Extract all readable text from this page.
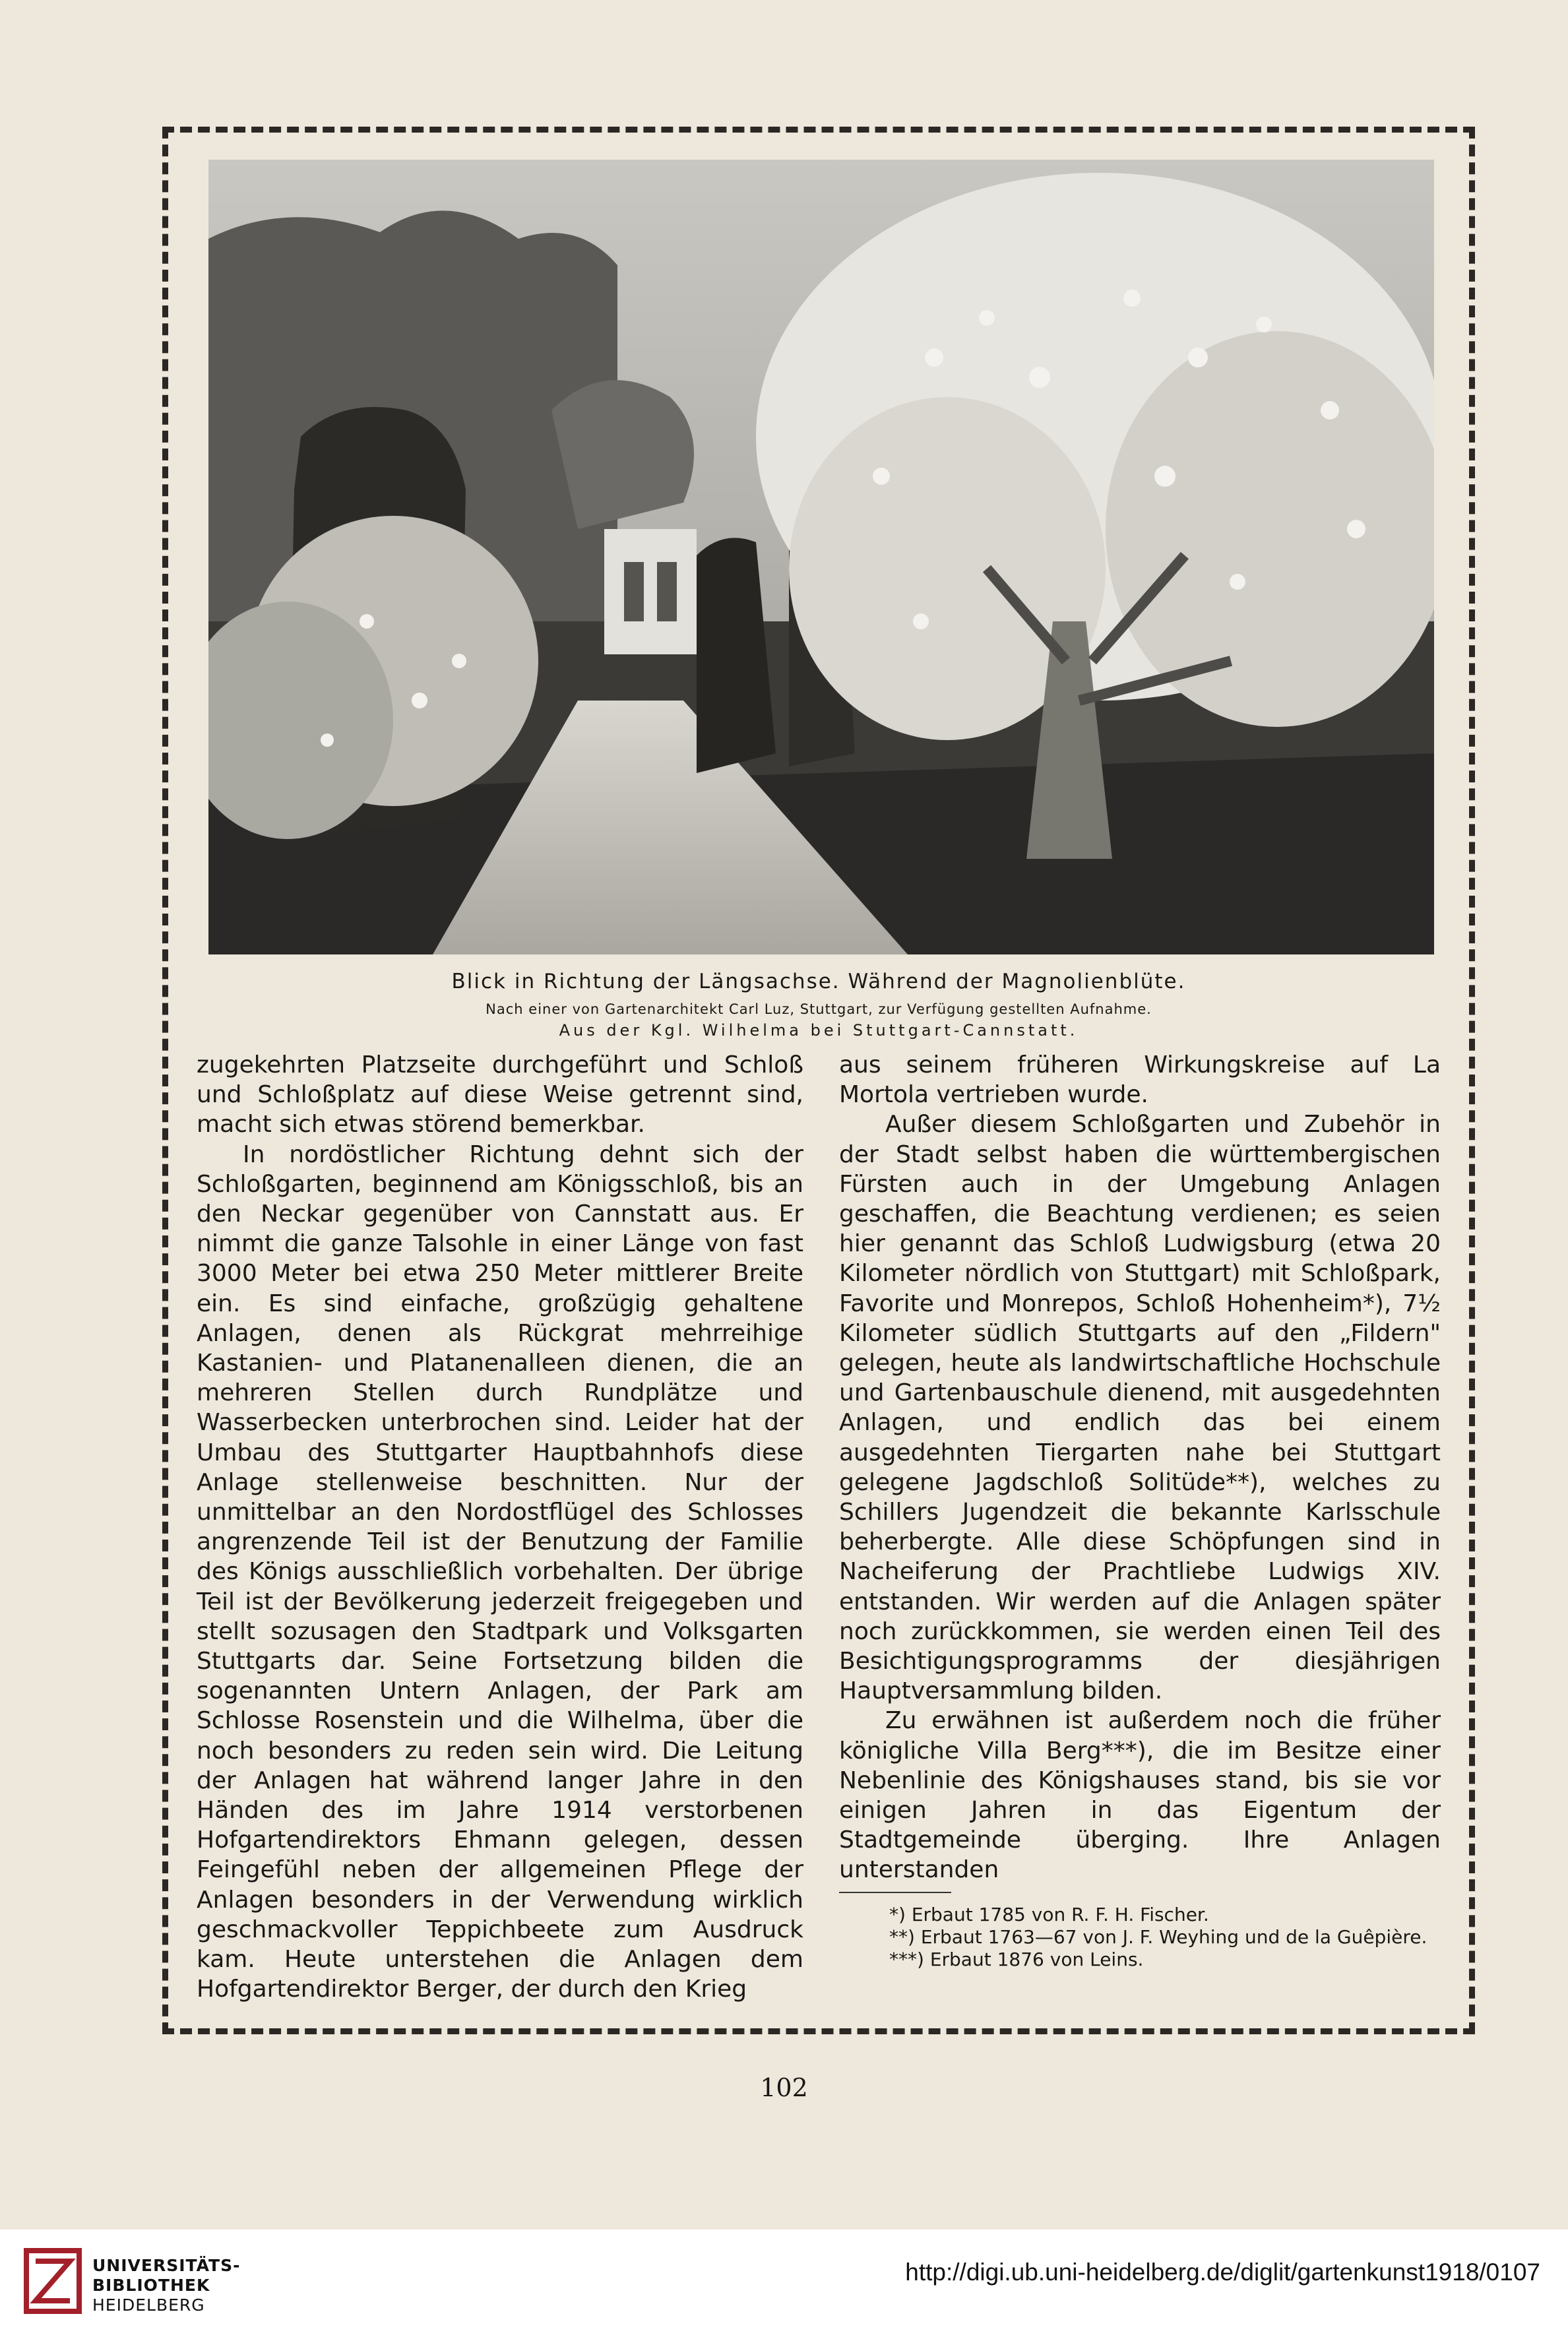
Blick in Richtung der Längsachse. Während der Magnolienblüte.
Nach einer von Gartenarchitekt Carl Luz, Stuttgart, zur Verfügung gestellten Aufnahme.
Aus der Kgl. Wilhelma bei Stuttgart-Cannstatt.

zugekehrten Platzseite durchgeführt und Schloß und Schloßplatz auf diese Weise getrennt sind, macht sich etwas störend bemerkbar.

In nordöstlicher Richtung dehnt sich der Schloßgarten, beginnend am Königsschloß, bis an den Neckar gegenüber von Cannstatt aus. Er nimmt die ganze Talsohle in einer Länge von fast 3000 Meter bei etwa 250 Meter mittlerer Breite ein. Es sind einfache, großzügig gehaltene Anlagen, denen als Rückgrat mehrreihige Kastanien- und Platanenalleen dienen, die an mehreren Stellen durch Rundplätze und Wasserbecken unterbrochen sind. Leider hat der Umbau des Stuttgarter Hauptbahnhofs diese Anlage stellenweise beschnitten. Nur der unmittelbar an den Nordostflügel des Schlosses angrenzende Teil ist der Benutzung der Familie des Königs ausschließlich vorbehalten. Der übrige Teil ist der Bevölkerung jederzeit freigegeben und stellt sozusagen den Stadtpark und Volksgarten Stuttgarts dar. Seine Fortsetzung bilden die sogenannten Untern Anlagen, der Park am Schlosse Rosenstein und die Wilhelma, über die noch besonders zu reden sein wird. Die Leitung der Anlagen hat während langer Jahre in den Händen des im Jahre 1914 verstorbenen Hofgartendirektors Ehmann gelegen, dessen Feingefühl neben der allgemeinen Pflege der Anlagen besonders in der Verwendung wirklich geschmackvoller Teppichbeete zum Ausdruck kam. Heute unterstehen die Anlagen dem Hofgartendirektor Berger, der durch den Krieg

aus seinem früheren Wirkungskreise auf La Mortola vertrieben wurde.

Außer diesem Schloßgarten und Zubehör in der Stadt selbst haben die württembergischen Fürsten auch in der Umgebung Anlagen geschaffen, die Beachtung verdienen; es seien hier genannt das Schloß Ludwigsburg (etwa 20 Kilometer nördlich von Stuttgart) mit Schloßpark, Favorite und Monrepos, Schloß Hohenheim*), 7½ Kilometer südlich Stuttgarts auf den „Fildern" gelegen, heute als landwirtschaftliche Hochschule und Gartenbauschule dienend, mit ausgedehnten Anlagen, und endlich das bei einem ausgedehnten Tiergarten nahe bei Stuttgart gelegene Jagdschloß Solitüde**), welches zu Schillers Jugendzeit die bekannte Karlsschule beherbergte. Alle diese Schöpfungen sind in Nacheiferung der Prachtliebe Ludwigs XIV. entstanden. Wir werden auf die Anlagen später noch zurückkommen, sie werden einen Teil des Besichtigungsprogramms der diesjährigen Hauptversammlung bilden.

Zu erwähnen ist außerdem noch die früher königliche Villa Berg***), die im Besitze einer Nebenlinie des Königshauses stand, bis sie vor einigen Jahren in das Eigentum der Stadtgemeinde überging. Ihre Anlagen unterstanden

*) Erbaut 1785 von R. F. H. Fischer.
**) Erbaut 1763—67 von J. F. Weyhing und de la Guêpière.
***) Erbaut 1876 von Leins.
102
UNIVERSITÄTS-
BIBLIOTHEK
HEIDELBERG
http://digi.ub.uni-heidelberg.de/diglit/gartenkunst1918/0107
